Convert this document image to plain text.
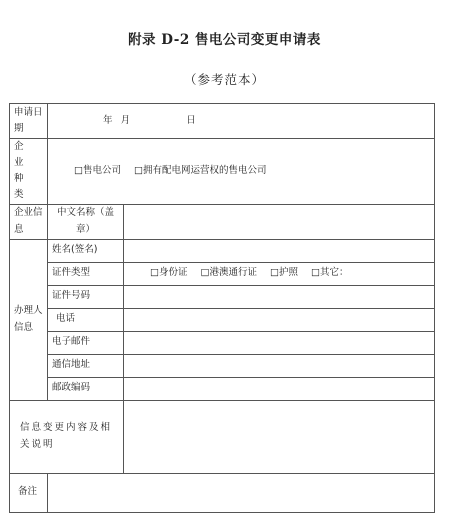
附录 D-2 售电公司变更申请表
（参考范本）
申请日期	年 月 日	
企 业 种 类	□售电公司 □拥有配电网运营权的售电公司	
企业信息	中文名称（盖章）	
办理人信息	姓名(签名)	
	证件类型	□身份证 □港澳通行证 □护照 □其它：
	证件号码	
	电话	
	电子邮件	
	通信地址	
	邮政编码	
信息变更内容及相关说明		
备注		
